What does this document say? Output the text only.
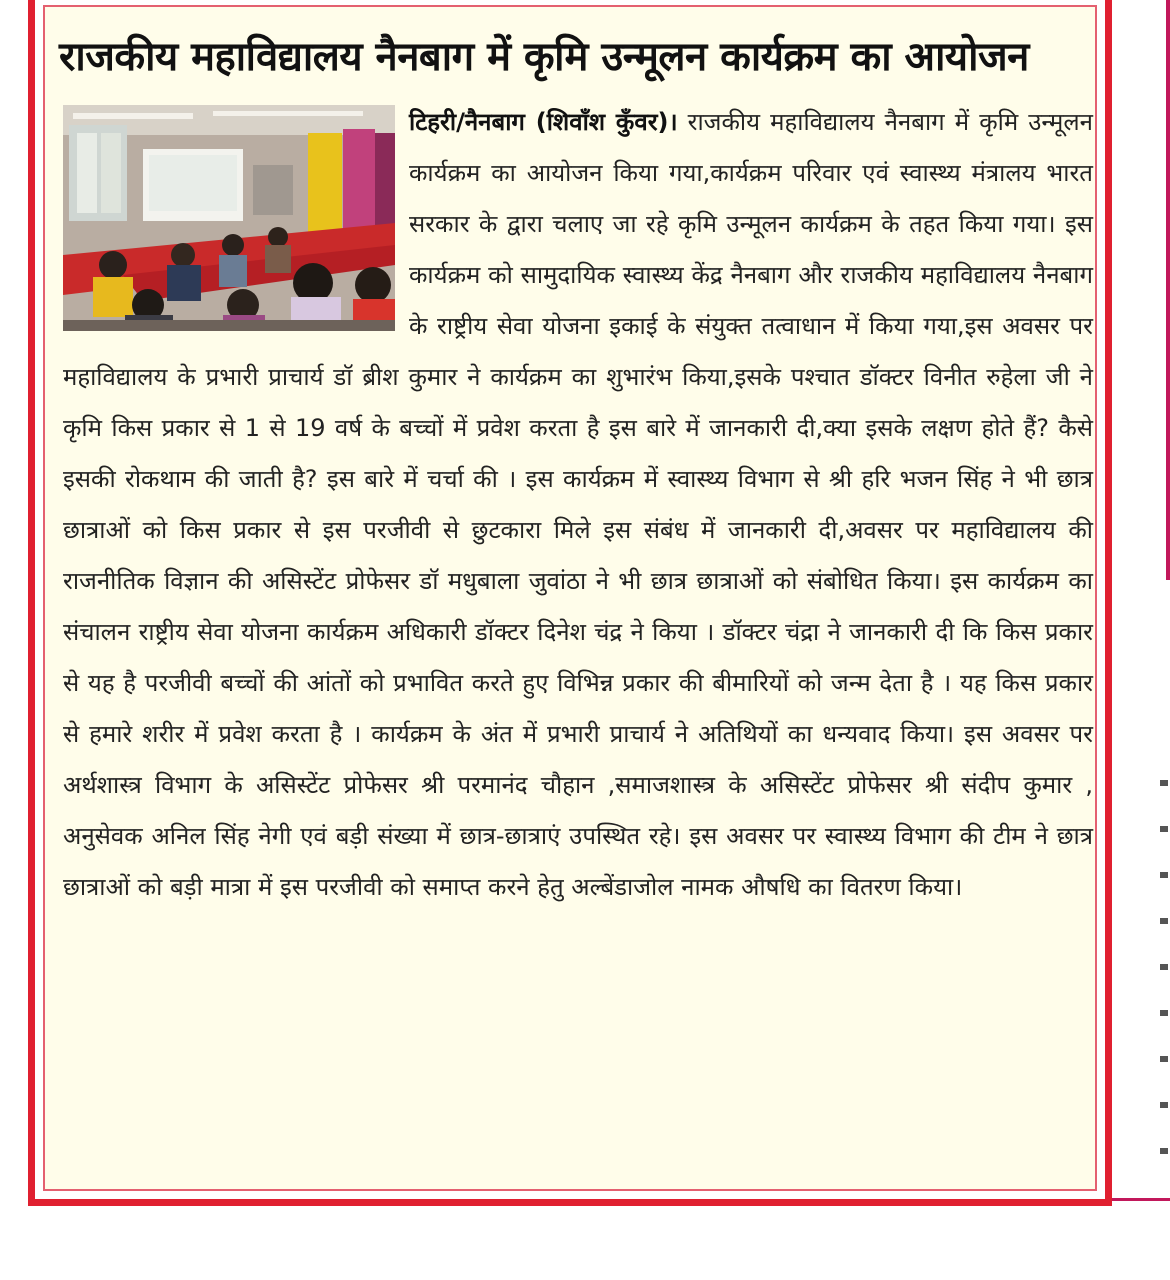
राजकीय महाविद्यालय नैनबाग में कृमि उन्मूलन कार्यक्रम का आयोजन

टिहरी/नैनबाग (शिवाँश कुँवर)। राजकीय महाविद्यालय नैनबाग में कृमि उन्मूलन कार्यक्रम का आयोजन किया गया,कार्यक्रम परिवार एवं स्वास्थ्य मंत्रालय भारत सरकार के द्वारा चलाए जा रहे कृमि उन्मूलन कार्यक्रम के तहत किया गया। इस कार्यक्रम को सामुदायिक स्वास्थ्य केंद्र नैनबाग और राजकीय महाविद्यालय नैनबाग के राष्ट्रीय सेवा योजना इकाई के संयुक्त तत्वाधान में किया गया,इस अवसर पर महाविद्यालय के प्रभारी प्राचार्य डॉ ब्रीश कुमार ने कार्यक्रम का शुभारंभ किया,इसके पश्चात डॉक्टर विनीत रुहेला जी ने कृमि किस प्रकार से 1 से 19 वर्ष के बच्चों में प्रवेश करता है इस बारे में जानकारी दी,क्या इसके लक्षण होते हैं? कैसे इसकी रोकथाम की जाती है? इस बारे में चर्चा की । इस कार्यक्रम में स्वास्थ्य विभाग से श्री हरि भजन सिंह ने भी छात्र छात्राओं को किस प्रकार से इस परजीवी से छुटकारा मिले इस संबंध में जानकारी दी,अवसर पर महाविद्यालय की राजनीतिक विज्ञान की असिस्टेंट प्रोफेसर डॉ मधुबाला जुवांठा ने भी छात्र छात्राओं को संबोधित किया। इस कार्यक्रम का संचालन राष्ट्रीय सेवा योजना कार्यक्रम अधिकारी डॉक्टर दिनेश चंद्र ने किया । डॉक्टर चंद्रा ने जानकारी दी कि किस प्रकार से यह है परजीवी बच्चों की आंतों को प्रभावित करते हुए विभिन्न प्रकार की बीमारियों को जन्म देता है । यह किस प्रकार से हमारे शरीर में प्रवेश करता है । कार्यक्रम के अंत में प्रभारी प्राचार्य ने अतिथियों का धन्यवाद किया। इस अवसर पर अर्थशास्त्र विभाग के असिस्टेंट प्रोफेसर श्री परमानंद चौहान ,समाजशास्त्र के असिस्टेंट प्रोफेसर श्री संदीप कुमार , अनुसेवक अनिल सिंह नेगी एवं बड़ी संख्या में छात्र-छात्राएं उपस्थित रहे। इस अवसर पर स्वास्थ्य विभाग की टीम ने छात्र छात्राओं को बड़ी मात्रा में इस परजीवी को समाप्त करने हेतु अल्बेंडाजोल नामक औषधि का वितरण किया।
